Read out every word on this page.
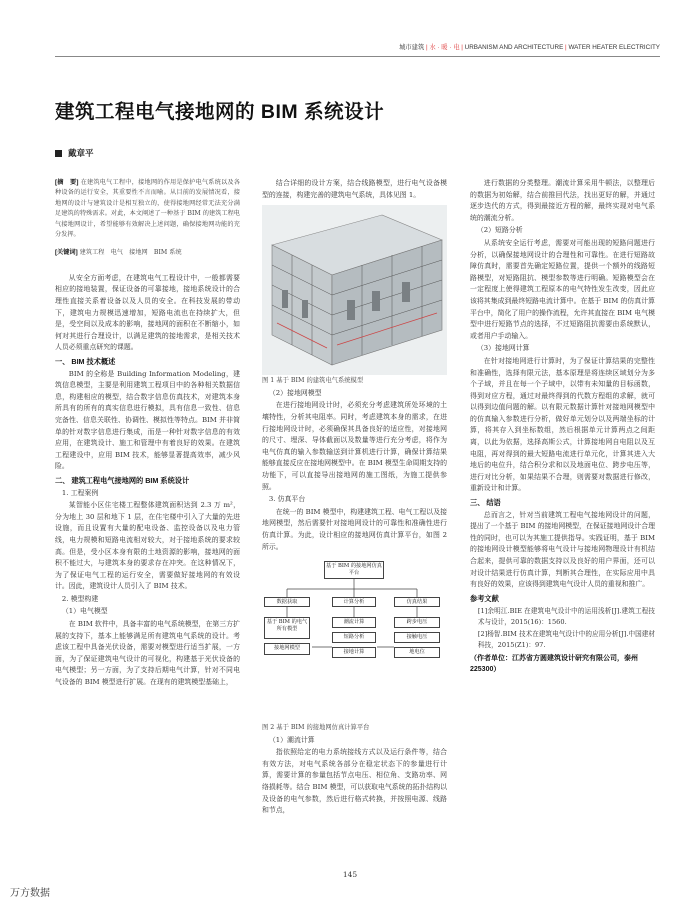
城市建筑 | 水 · 暖 · 电 | URBANISM AND ARCHITECTURE | WATER HEATER ELECTRICITY
建筑工程电气接地网的 BIM 系统设计
戴章平
[摘　要] 在建筑电气工程中，接地网的作用是保护电气系统以及各种设备的运行安全，其重要性不言而喻。从目前的发展情况看，接地网的设计与建筑设计是相互独立的，使得接地网经常无法充分满足建筑的特殊需求。对此，本文阐述了一种基于 BIM 的建筑工程电气接地网设计，希望能够有效解决上述问题，确保接地网功能的充分发挥。
[关键词] 建筑工程　电气　接地网　BIM 系统

从安全方面考虑，在建筑电气工程设计中，一般都需要相应的接地装置，保证设备的可靠接地，接地系统设计的合理性直接关系着设备以及人员的安全。在科技发展的带动下，建筑电力规模迅速增加，短路电流也在持续扩大，但是，受空间以及成本的影响，接地网的面积在不断缩小，如何对其进行合理设计，以满足建筑的接地需求，是相关技术人员必须重点研究的课题。

一、 BIM 技术概述

BIM 的全称是 Building Information Modeling，建筑信息模型，主要是利用建筑工程项目中的各种相关数据信息，构建相应的模型，结合数字信息仿真技术，对建筑本身所具有的所有的真实信息进行模拟，具有信息一致性、信息完备性、信息关联性、协调性、模拟性等特点。BIM 并非简单的针对数字信息进行集成，而是一种针对数字信息的有效应用，在建筑设计、施工和管理中有着良好的效果。在建筑工程建设中，应用 BIM 技术，能够显著提高效率，减少风险。

二、 建筑工程电气接地网的 BIM 系统设计

1. 工程案例

某智能小区住宅楼工程整体建筑面积达到 2.3 万 m²，分为地上 30 层和地下 1 层，在住宅楼中引入了大量的先进设施，而且设置有大量的配电设备、监控设备以及电力管线，电力规模和短路电流相对较大，对于接地系统的要求较高。但是，受小区本身有限的土地资源的影响，接地网的面积不能过大，与建筑本身的要求存在冲突。在这种情况下，为了保证电气工程的运行安全，需要做好接地网的有效设计。因此，建筑设计人员引入了 BIM 技术。

2. 模型构建

（1）电气模型

在 BIM 软件中，具备丰富的电气系统模型，在第三方扩展的支持下，基本上能够满足所有建筑电气系统的设计。考虑该工程中具备光伏设备，需要对模型进行适当扩展，一方面，为了保证建筑电气设计的可视化，构建基于光伏设备的电气模型；另一方面，为了支持后期电气计算，针对不同电气设备的 BIM 模型进行扩展。在现有的建筑模型基础上，

结合详细的设计方案，结合线路模型，进行电气设备模型的连接，构建完善的建筑电气系统，具体见图 1。

图 1 基于 BIM 的建筑电气系统模型

（2）接地网模型

在进行接地网设计时，必须充分考虑建筑所处环境的土壤特性，分析其电阻率。同时，考虑建筑本身的需求，在进行接地网设计时，必须确保其具备良好的适应性，对接地网的尺寸、埋深、导体截面以及数量等进行充分考虑，将作为电气仿真的输入参数输送到计算机进行计算，确保计算结果能够直接反应在接地网模型中。在 BIM 模型生命周期支持的功能下，可以直接导出接地网的施工图纸，为施工提供参照。

3. 仿真平台

在统一的 BIM 模型中，构建建筑工程、电气工程以及接地网模型，然后需要针对接地网设计的可靠性和准确性进行仿真计算。为此，设计相应的接地网仿真计算平台，如图 2 所示。

基于 BIM 的接地网仿真平台
数据获取	计算分析	仿真结果
基于 BIM 的电气所有模型
接地网模型
潮流计算
短路分析
接地计算
跨步电压
接触电压
地电位

图 2 基于 BIM 的接地网仿真计算平台

（1）潮流计算

指依照给定的电力系统接线方式以及运行条件等，结合有效方法，对电气系统各部分在稳定状态下的参量进行计算，需要计算的参量包括节点电压、相位角、支路功率、网络损耗等。结合 BIM 模型，可以获取电气系统的拓扑结构以及设备的电气参数，然后进行格式转换，并按照电源、线路和节点，

进行数据的分类整理。潮流计算采用牛顿法，以整理后的数据为初始解，结合前推回代法，找出更好的解，并通过逐步迭代的方式，得到最接近方程的解，最终实现对电气系统的潮流分析。

（2）短路分析

从系统安全运行考虑，需要对可能出现的短路问题进行分析，以确保接地网设计的合理性和可靠性。在进行短路故障仿真时，需要首先确定短路位置，提供一个额外的线路短路模型，对短路阻抗、模型参数等进行明确。短路模型会在一定程度上使得建筑工程原本的电气特性发生改变，因此应该将其集成到最终短路电流计算中。在基于 BIM 的仿真计算平台中，简化了用户的操作流程，允许其直接在 BIM 电气模型中进行短路节点的选择，不过短路阻抗需要由系统默认，或者用户手动输入。

（3）接地网计算

在针对接地网进行计算时，为了保证计算结果的完整性和准确性，选择有限元法，基本原理是将连续区域划分为多个子域，并且在每一个子域中，以带有未知量的目标函数，得到对应方程，通过对最终得到的代数方程组的求解，就可以得到边值问题的解。以有限元数据计算针对接地网模型中的仿真输入参数进行分析，做好单元划分以及两端坐标的计算，将其存入到坐标数组，然后根据单元计算两点之间距离，以此为依据，选择高斯公式，计算接地网自电阻以及互电阻，再对得到的最大短路电流进行单元化，计算其进入大地后的电位升，结合积分求和以及地面电位、跨步电压等，进行对比分析，如果结果不合理，则需要对数据进行修改，重新设计和计算。

三、 结语

总而言之，针对当前建筑工程电气接地网设计的问题，提出了一个基于 BIM 的接地网模型，在保证接地网设计合理性的同时，也可以为其施工提供指导。实践证明，基于 BIM 的接地网设计模型能够将电气设计与接地网物理设计有机结合起来，提供可靠的数据支持以及良好的用户界面，还可以对设计结果进行仿真计算，判断其合理性，在实际应用中具有良好的效果，应该得到建筑电气设计人员的重视和推广。

参考文献

[1]余明江.BIE 在建筑电气设计中的运用浅析[J].建筑工程技术与设计，2015(16)：1560.

[2]杨智.BIM 技术在建筑电气设计中的应用分析[J].中国建材科技，2015(Z1)：97.

（作者单位：江苏省方圆建筑设计研究有限公司，泰州 225300）
145
万方数据
